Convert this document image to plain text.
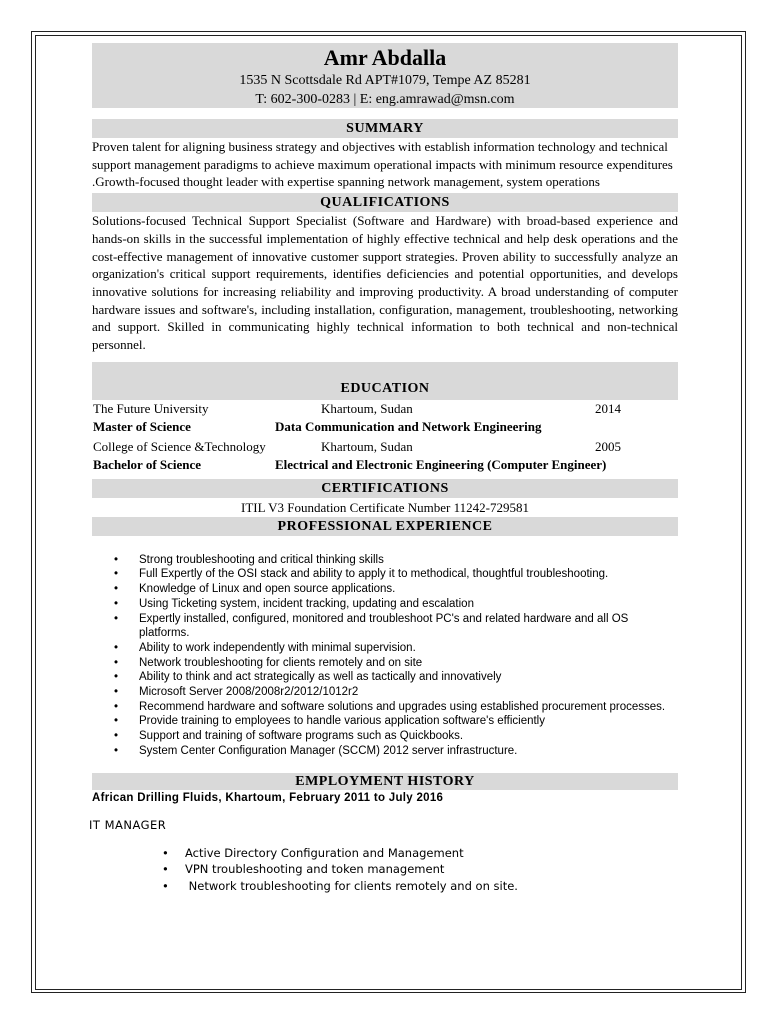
Amr Abdalla
1535 N Scottsdale Rd APT#1079, Tempe AZ 85281
T: 602-300-0283 | E: eng.amrawad@msn.com
SUMMARY
Proven talent for aligning business strategy and objectives with establish information technology and technical support management paradigms to achieve maximum operational impacts with minimum resource expenditures .Growth-focused thought leader with expertise spanning network management, system operations
QUALIFICATIONS
Solutions-focused Technical Support Specialist (Software and Hardware) with broad-based experience and hands-on skills in the successful implementation of highly effective technical and help desk operations and the cost-effective management of innovative customer support strategies. Proven ability to successfully analyze an organization's critical support requirements, identifies deficiencies and potential opportunities, and develops innovative solutions for increasing reliability and improving productivity. A broad understanding of computer hardware issues and software's, including installation, configuration, management, troubleshooting, networking and support. Skilled in communicating highly technical information to both technical and non-technical personnel.
EDUCATION
The Future University	Khartoum, Sudan	2014
Master of Science	Data Communication and Network Engineering
College of Science &Technology	Khartoum, Sudan	2005
Bachelor of Science	Electrical and Electronic Engineering (Computer Engineer)
CERTIFICATIONS
ITIL V3 Foundation Certificate Number 11242-729581
PROFESSIONAL EXPERIENCE
• Strong troubleshooting and critical thinking skills
• Full Expertly of the OSI stack and ability to apply it to methodical, thoughtful troubleshooting.
• Knowledge of Linux and open source applications.
• Using Ticketing system, incident tracking, updating and escalation
• Expertly installed, configured, monitored and troubleshoot PC's and related hardware and all OS platforms.
• Ability to work independently with minimal supervision.
• Network troubleshooting for clients remotely and on site
• Ability to think and act strategically as well as tactically and innovatively
• Microsoft Server 2008/2008r2/2012/1012r2
• Recommend hardware and software solutions and upgrades using established procurement processes.
• Provide training to employees to handle various application software's efficiently
• Support and training of software programs such as Quickbooks.
• System Center Configuration Manager (SCCM) 2012 server infrastructure.
EMPLOYMENT HISTORY
African Drilling Fluids, Khartoum, February 2011 to July 2016
IT MANAGER
• Active Directory Configuration and Management
• VPN troubleshooting and token management
• Network troubleshooting for clients remotely and on site.
